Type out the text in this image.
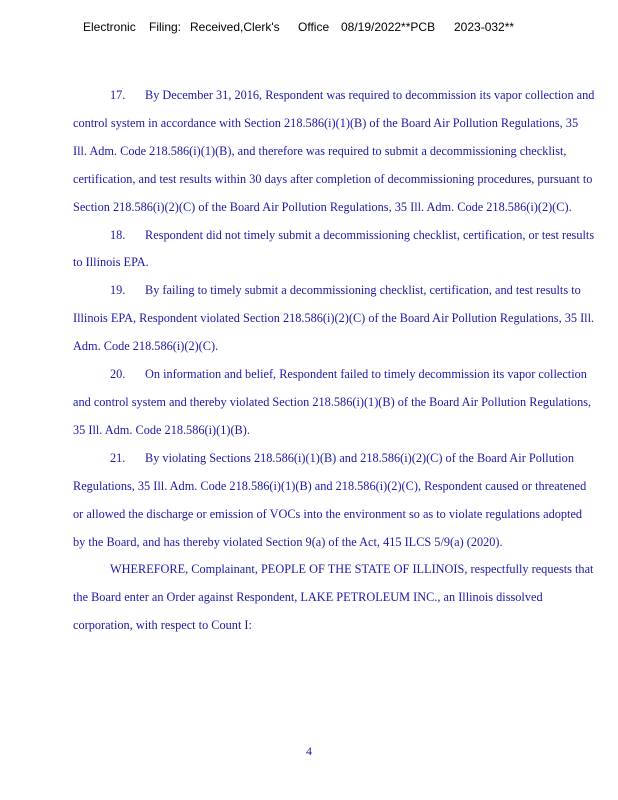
Electronic Filing: Received,Clerk's Office 08/19/2022**PCB 2023-032**

17. By December 31, 2016, Respondent was required to decommission its vapor collection and control system in accordance with Section 218.586(i)(1)(B) of the Board Air Pollution Regulations, 35 Ill. Adm. Code 218.586(i)(1)(B), and therefore was required to submit a decommissioning checklist, certification, and test results within 30 days after completion of decommissioning procedures, pursuant to Section 218.586(i)(2)(C) of the Board Air Pollution Regulations, 35 Ill. Adm. Code 218.586(i)(2)(C).

18. Respondent did not timely submit a decommissioning checklist, certification, or test results to Illinois EPA.

19. By failing to timely submit a decommissioning checklist, certification, and test results to Illinois EPA, Respondent violated Section 218.586(i)(2)(C) of the Board Air Pollution Regulations, 35 Ill. Adm. Code 218.586(i)(2)(C).

20. On information and belief, Respondent failed to timely decommission its vapor collection and control system and thereby violated Section 218.586(i)(1)(B) of the Board Air Pollution Regulations, 35 Ill. Adm. Code 218.586(i)(1)(B).

21. By violating Sections 218.586(i)(1)(B) and 218.586(i)(2)(C) of the Board Air Pollution Regulations, 35 Ill. Adm. Code 218.586(i)(1)(B) and 218.586(i)(2)(C), Respondent caused or threatened or allowed the discharge or emission of VOCs into the environment so as to violate regulations adopted by the Board, and has thereby violated Section 9(a) of the Act, 415 ILCS 5/9(a) (2020).

WHEREFORE, Complainant, PEOPLE OF THE STATE OF ILLINOIS, respectfully requests that the Board enter an Order against Respondent, LAKE PETROLEUM INC., an Illinois dissolved corporation, with respect to Count I:

4
